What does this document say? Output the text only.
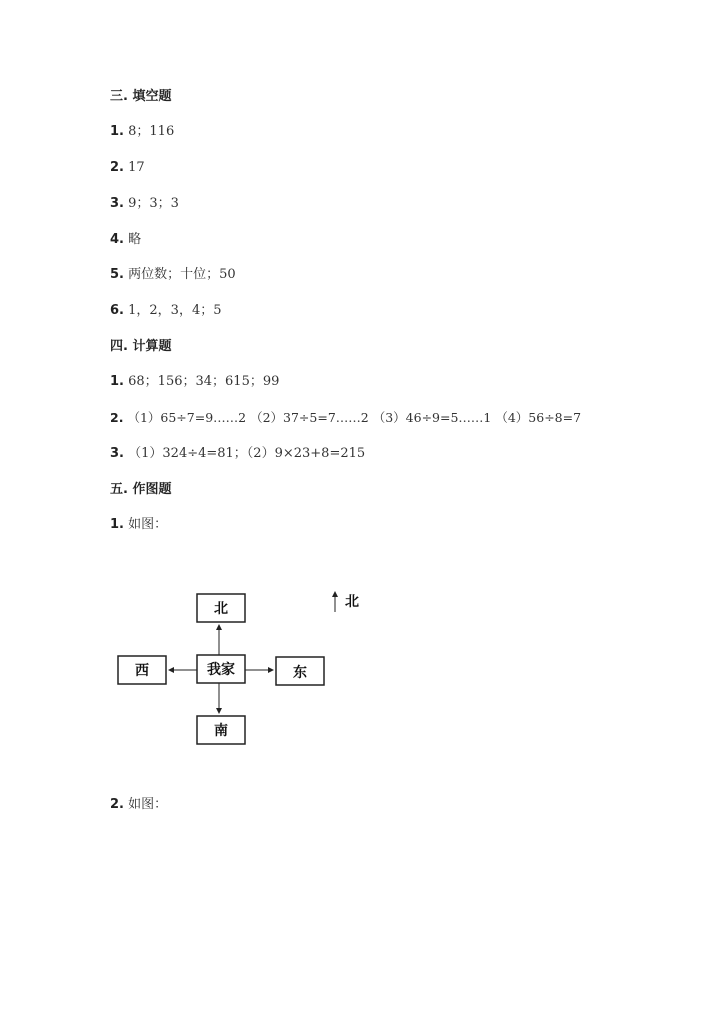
三. 填空题
1. 8；116
2. 17
3. 9；3；3
4. 略
5. 两位数；十位；50
6. 1，2，3，4；5
四. 计算题
1. 68；156；34；615；99
2. （1）65÷7=9……2 （2）37÷5=7……2 （3）46÷9=5……1 （4）56÷8=7
3. （1）324÷4=81；（2）9×23+8=215
五. 作图题
1. 如图：
2. 如图：
北
西	我家	东
南
北
